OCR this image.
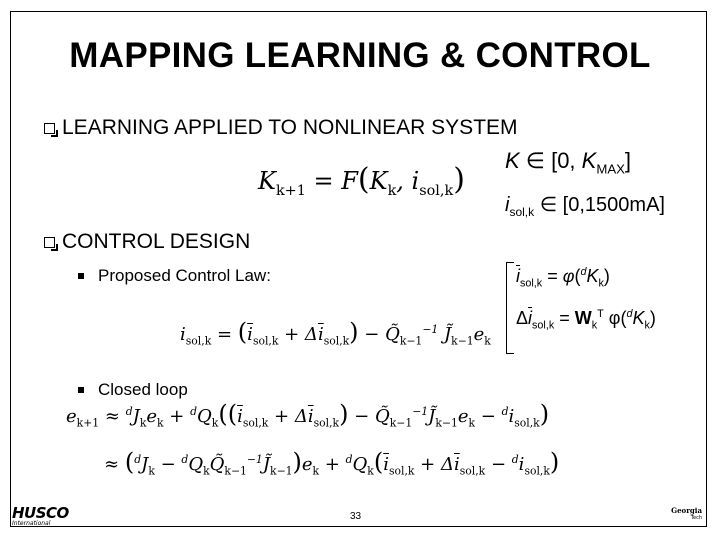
MAPPING LEARNING & CONTROL
LEARNING APPLIED TO NONLINEAR SYSTEM
$K_{k+1} = F(K_k$, $i_{sol,k}$)
K ∈ [0, $K_{MAX}$]
$i_{sol,k}$ ∈ [0,1500mA]
CONTROL DESIGN
Proposed Control Law:	$\overline{i}_{sol,k} = \varphi(^dK_k)$
$\Delta\overline{i}_{sol,k} = W_k^T$ $\varphi(^dK_k)$
$i_{sol,k} = (\overline{i}_{sol,k} + \Delta\overline{i}_{sol,k})$ − $Q̃_{k-1}^{-1}$ $J̃_{k-1}e_k$
Closed loop
$e_{k+1} \approx ^dJ_ke_k + ^dQ_k((\overline{i}_{sol,k} + \Delta\overline{i}_{sol,k})$ − $Q̃_{k-1}^{-1}J̃_{k-1}e_k - ^di_{sol,k}$)
≈ ($^dJ_k$ − $^dQ_kQ̃_{k-1}^{-1}J̃_{k-1})e_k + ^dQ_k(\overline{i}_{sol,k} + \Delta\overline{i}_{sol,k} - ^di_{sol,k})$
HUSCO
International
33
Georgia
Tech
